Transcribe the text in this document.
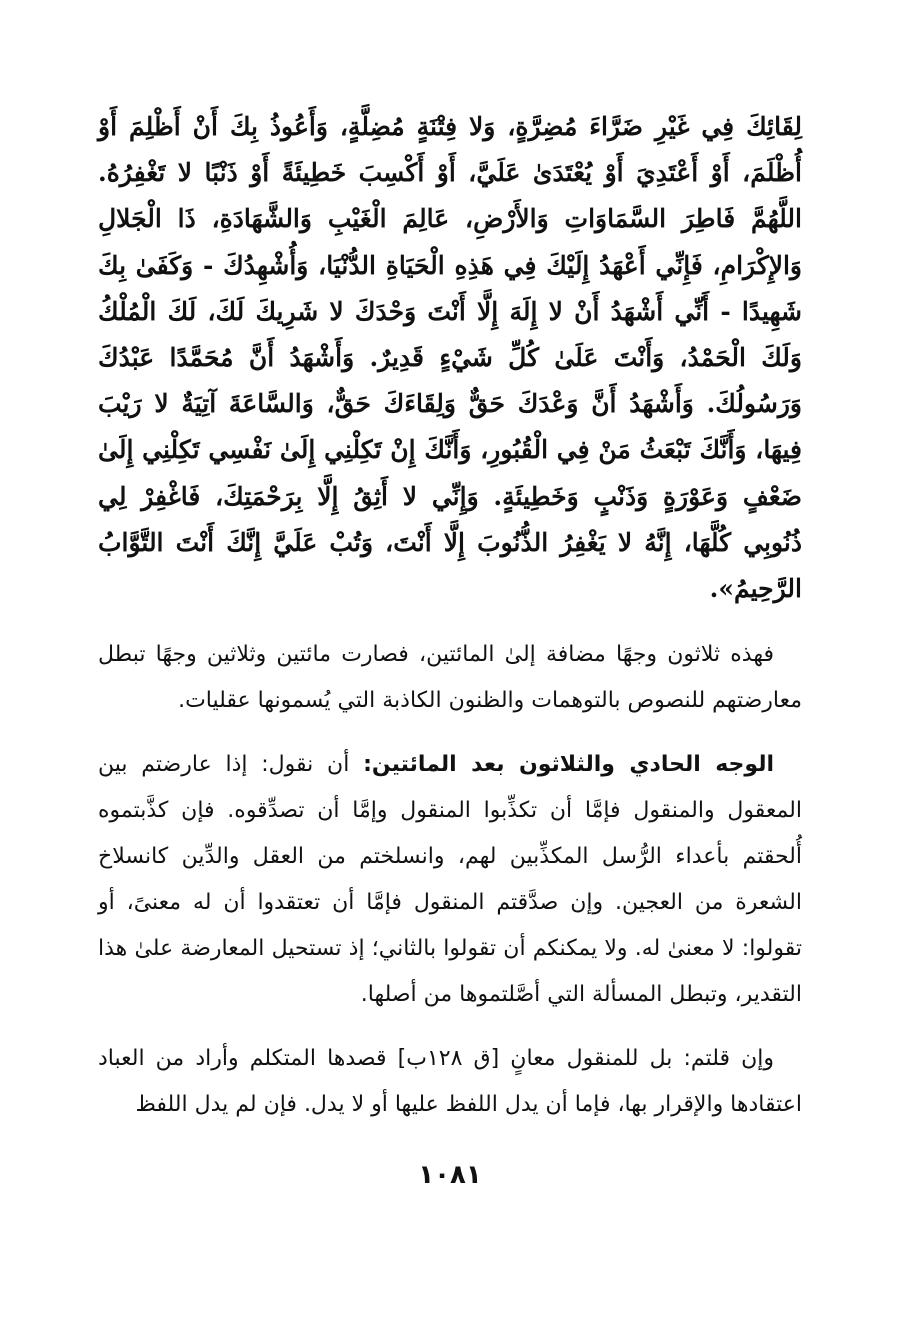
لِقَائِكَ فِي غَيْرِ ضَرَّاءَ مُضِرَّةٍ، وَلا فِتْنَةٍ مُضِلَّةٍ، وَأَعُوذُ بِكَ أَنْ أَظْلِمَ أَوْ أُظْلَمَ، أَوْ أَعْتَدِيَ أَوْ يُعْتَدَىٰ عَلَيَّ، أَوْ أَكْسِبَ خَطِيئَةً أَوْ ذَنْبًا لا تَغْفِرُهُ. اللَّهُمَّ فَاطِرَ السَّمَاوَاتِ وَالأَرْضِ، عَالِمَ الْغَيْبِ وَالشَّهَادَةِ، ذَا الْجَلالِ وَالإِكْرَامِ، فَإِنِّي أَعْهَدُ إِلَيْكَ فِي هَذِهِ الْحَيَاةِ الدُّنْيَا، وَأُشْهِدُكَ - وَكَفَىٰ بِكَ شَهِيدًا - أَنِّي أَشْهَدُ أَنْ لا إِلَهَ إِلَّا أَنْتَ وَحْدَكَ لا شَرِيكَ لَكَ، لَكَ الْمُلْكُ وَلَكَ الْحَمْدُ، وَأَنْتَ عَلَىٰ كُلِّ شَيْءٍ قَدِيرٌ. وَأَشْهَدُ أَنَّ مُحَمَّدًا عَبْدُكَ وَرَسُولُكَ. وَأَشْهَدُ أَنَّ وَعْدَكَ حَقٌّ وَلِقَاءَكَ حَقٌّ، وَالسَّاعَةَ آتِيَةٌ لا رَيْبَ فِيهَا، وَأَنَّكَ تَبْعَثُ مَنْ فِي الْقُبُورِ، وَأَنَّكَ إِنْ تَكِلْنِي إِلَىٰ نَفْسِي تَكِلْنِي إِلَىٰ ضَعْفٍ وَعَوْرَةٍ وَذَنْبٍ وَخَطِيئَةٍ. وَإِنِّي لا أَثِقُ إِلَّا بِرَحْمَتِكَ، فَاغْفِرْ لِي ذُنُوبِي كُلَّهَا، إِنَّهُ لا يَغْفِرُ الذُّنُوبَ إِلَّا أَنْتَ، وَتُبْ عَلَيَّ إِنَّكَ أَنْتَ التَّوَّابُ الرَّحِيمُ».

فهذه ثلاثون وجهًا مضافة إلىٰ المائتين، فصارت مائتين وثلاثين وجهًا تبطل معارضتهم للنصوص بالتوهمات والظنون الكاذبة التي يُسمونها عقليات.

الوجه الحادي والثلاثون بعد المائتين: أن نقول: إذا عارضتم بين المعقول والمنقول فإمَّا أن تكذِّبوا المنقول وإمَّا أن تصدِّقوه. فإن كذَّبتموه أُلحقتم بأعداء الرُّسل المكذِّبين لهم، وانسلختم من العقل والدِّين كانسلاخ الشعرة من العجين. وإن صدَّقتم المنقول فإمَّا أن تعتقدوا أن له معنىً، أو تقولوا: لا معنىٰ له. ولا يمكنكم أن تقولوا بالثاني؛ إذ تستحيل المعارضة علىٰ هذا التقدير، وتبطل المسألة التي أصَّلتموها من أصلها.

وإن قلتم: بل للمنقول معانٍ [ق ١٢٨ب] قصدها المتكلم وأراد من العباد اعتقادها والإقرار بها، فإما أن يدل اللفظ عليها أو لا يدل. فإن لم يدل اللفظ

١٠٨١
